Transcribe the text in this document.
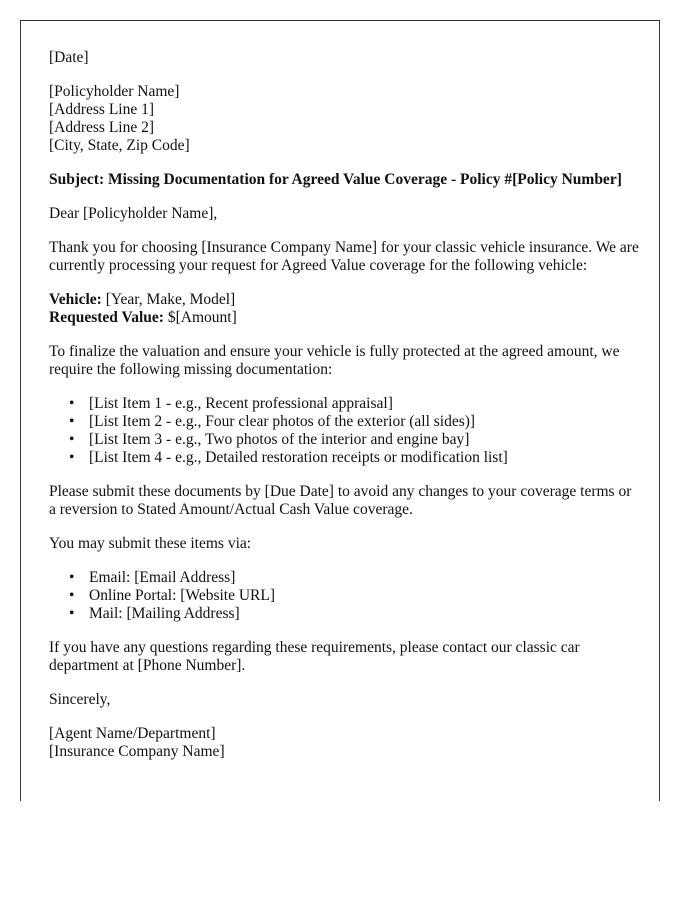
[Date]

[Policyholder Name]
[Address Line 1]
[Address Line 2]
[City, State, Zip Code]

Subject: Missing Documentation for Agreed Value Coverage - Policy #[Policy Number]

Dear [Policyholder Name],

Thank you for choosing [Insurance Company Name] for your classic vehicle insurance. We are currently processing your request for Agreed Value coverage for the following vehicle:

Vehicle: [Year, Make, Model]
Requested Value: $[Amount]

To finalize the valuation and ensure your vehicle is fully protected at the agreed amount, we require the following missing documentation:

• [List Item 1 - e.g., Recent professional appraisal]
• [List Item 2 - e.g., Four clear photos of the exterior (all sides)]
• [List Item 3 - e.g., Two photos of the interior and engine bay]
• [List Item 4 - e.g., Detailed restoration receipts or modification list]

Please submit these documents by [Due Date] to avoid any changes to your coverage terms or a reversion to Stated Amount/Actual Cash Value coverage.

You may submit these items via:

• Email: [Email Address]
• Online Portal: [Website URL]
• Mail: [Mailing Address]

If you have any questions regarding these requirements, please contact our classic car department at [Phone Number].

Sincerely,

[Agent Name/Department]
[Insurance Company Name]
